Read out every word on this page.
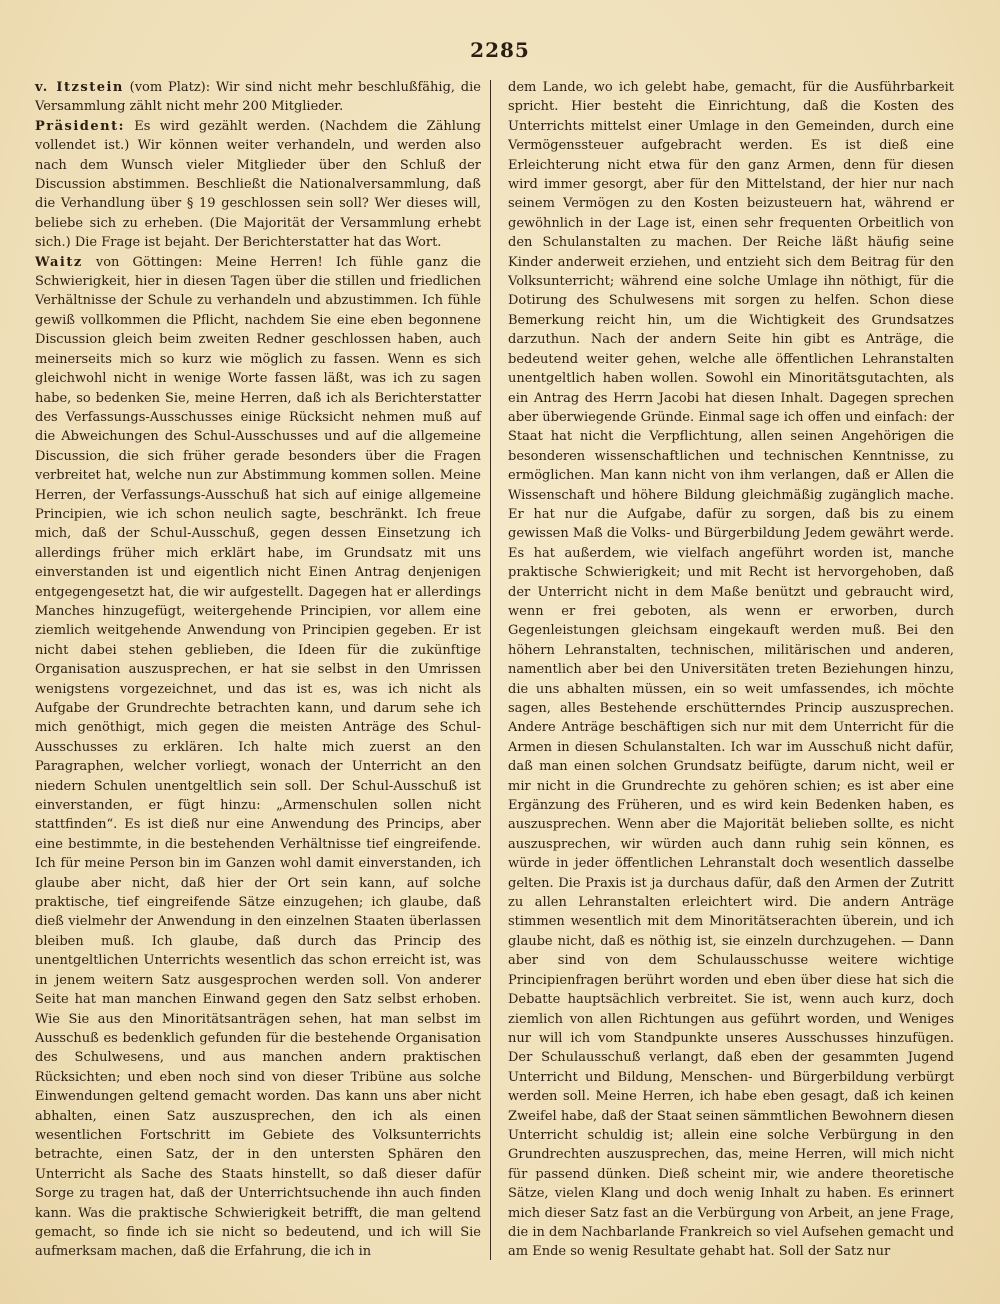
2285

v. Itzstein (vom Platz): Wir sind nicht mehr beschlußfähig, die Versammlung zählt nicht mehr 200 Mitglieder.

Präsident: Es wird gezählt werden. (Nachdem die Zählung vollendet ist.) Wir können weiter verhandeln, und werden also nach dem Wunsch vieler Mitglieder über den Schluß der Discussion abstimmen. Beschließt die Nationalversammlung, daß die Verhandlung über § 19 geschlossen sein soll? Wer dieses will, beliebe sich zu erheben. (Die Majorität der Versammlung erhebt sich.) Die Frage ist bejaht. Der Berichterstatter hat das Wort.

Waitz von Göttingen: Meine Herren! Ich fühle ganz die Schwierigkeit, hier in diesen Tagen über die stillen und friedlichen Verhältnisse der Schule zu verhandeln und abzustimmen. Ich fühle gewiß vollkommen die Pflicht, nachdem Sie eine eben begonnene Discussion gleich beim zweiten Redner geschlossen haben, auch meinerseits mich so kurz wie möglich zu fassen. Wenn es sich gleichwohl nicht in wenige Worte fassen läßt, was ich zu sagen habe, so bedenken Sie, meine Herren, daß ich als Berichterstatter des Verfassungs-Ausschusses einige Rücksicht nehmen muß auf die Abweichungen des Schul-Ausschusses und auf die allgemeine Discussion, die sich früher gerade besonders über die Fragen verbreitet hat, welche nun zur Abstimmung kommen sollen. Meine Herren, der Verfassungs-Ausschuß hat sich auf einige allgemeine Principien, wie ich schon neulich sagte, beschränkt. Ich freue mich, daß der Schul-Ausschuß, gegen dessen Einsetzung ich allerdings früher mich erklärt habe, im Grundsatz mit uns einverstanden ist und eigentlich nicht Einen Antrag denjenigen entgegengesetzt hat, die wir aufgestellt. Dagegen hat er allerdings Manches hinzugefügt, weitergehende Principien, vor allem eine ziemlich weitgehende Anwendung von Principien gegeben. Er ist nicht dabei stehen geblieben, die Ideen für die zukünftige Organisation auszusprechen, er hat sie selbst in den Umrissen wenigstens vorgezeichnet, und das ist es, was ich nicht als Aufgabe der Grundrechte betrachten kann, und darum sehe ich mich genöthigt, mich gegen die meisten Anträge des Schul-Ausschusses zu erklären. Ich halte mich zuerst an den Paragraphen, welcher vorliegt, wonach der Unterricht an den niedern Schulen unentgeltlich sein soll. Der Schul-Ausschuß ist einverstanden, er fügt hinzu: „Armenschulen sollen nicht stattfinden“. Es ist dieß nur eine Anwendung des Princips, aber eine bestimmte, in die bestehenden Verhältnisse tief eingreifende. Ich für meine Person bin im Ganzen wohl damit einverstanden, ich glaube aber nicht, daß hier der Ort sein kann, auf solche praktische, tief eingreifende Sätze einzugehen; ich glaube, daß dieß vielmehr der Anwendung in den einzelnen Staaten überlassen bleiben muß. Ich glaube, daß durch das Princip des unentgeltlichen Unterrichts wesentlich das schon erreicht ist, was in jenem weitern Satz ausgesprochen werden soll. Von anderer Seite hat man manchen Einwand gegen den Satz selbst erhoben. Wie Sie aus den Minoritätsanträgen sehen, hat man selbst im Ausschuß es bedenklich gefunden für die bestehende Organisation des Schulwesens, und aus manchen andern praktischen Rücksichten; und eben noch sind von dieser Tribüne aus solche Einwendungen geltend gemacht worden. Das kann uns aber nicht abhalten, einen Satz auszusprechen, den ich als einen wesentlichen Fortschritt im Gebiete des Volksunterrichts betrachte, einen Satz, der in den untersten Sphären den Unterricht als Sache des Staats hinstellt, so daß dieser dafür Sorge zu tragen hat, daß der Unterrichtsuchende ihn auch finden kann. Was die praktische Schwierigkeit betrifft, die man geltend gemacht, so finde ich sie nicht so bedeutend, und ich will Sie aufmerksam machen, daß die Erfahrung, die ich in

dem Lande, wo ich gelebt habe, gemacht, für die Ausführbarkeit spricht. Hier besteht die Einrichtung, daß die Kosten des Unterrichts mittelst einer Umlage in den Gemeinden, durch eine Vermögenssteuer aufgebracht werden. Es ist dieß eine Erleichterung nicht etwa für den ganz Armen, denn für diesen wird immer gesorgt, aber für den Mittelstand, der hier nur nach seinem Vermögen zu den Kosten beizusteuern hat, während er gewöhnlich in der Lage ist, einen sehr frequenten Orbeitlich von den Schulanstalten zu machen. Der Reiche läßt häufig seine Kinder anderweit erziehen, und entzieht sich dem Beitrag für den Volksunterricht; während eine solche Umlage ihn nöthigt, für die Dotirung des Schulwesens mit sorgen zu helfen. Schon diese Bemerkung reicht hin, um die Wichtigkeit des Grundsatzes darzuthun. Nach der andern Seite hin gibt es Anträge, die bedeutend weiter gehen, welche alle öffentlichen Lehranstalten unentgeltlich haben wollen. Sowohl ein Minoritätsgutachten, als ein Antrag des Herrn Jacobi hat diesen Inhalt. Dagegen sprechen aber überwiegende Gründe. Einmal sage ich offen und einfach: der Staat hat nicht die Verpflichtung, allen seinen Angehörigen die besonderen wissenschaftlichen und technischen Kenntnisse, zu ermöglichen. Man kann nicht von ihm verlangen, daß er Allen die Wissenschaft und höhere Bildung gleichmäßig zugänglich mache. Er hat nur die Aufgabe, dafür zu sorgen, daß bis zu einem gewissen Maß die Volks- und Bürgerbildung Jedem gewährt werde. Es hat außerdem, wie vielfach angeführt worden ist, manche praktische Schwierigkeit; und mit Recht ist hervorgehoben, daß der Unterricht nicht in dem Maße benützt und gebraucht wird, wenn er frei geboten, als wenn er erworben, durch Gegenleistungen gleichsam eingekauft werden muß. Bei den höhern Lehranstalten, technischen, militärischen und anderen, namentlich aber bei den Universitäten treten Beziehungen hinzu, die uns abhalten müssen, ein so weit umfassendes, ich möchte sagen, alles Bestehende erschütterndes Princip auszusprechen. Andere Anträge beschäftigen sich nur mit dem Unterricht für die Armen in diesen Schulanstalten. Ich war im Ausschuß nicht dafür, daß man einen solchen Grundsatz beifügte, darum nicht, weil er mir nicht in die Grundrechte zu gehören schien; es ist aber eine Ergänzung des Früheren, und es wird kein Bedenken haben, es auszusprechen. Wenn aber die Majorität belieben sollte, es nicht auszusprechen, wir würden auch dann ruhig sein können, es würde in jeder öffentlichen Lehranstalt doch wesentlich dasselbe gelten. Die Praxis ist ja durchaus dafür, daß den Armen der Zutritt zu allen Lehranstalten erleichtert wird. Die andern Anträge stimmen wesentlich mit dem Minoritätserachten überein, und ich glaube nicht, daß es nöthig ist, sie einzeln durchzugehen. — Dann aber sind von dem Schulausschusse weitere wichtige Principienfragen berührt worden und eben über diese hat sich die Debatte hauptsächlich verbreitet. Sie ist, wenn auch kurz, doch ziemlich von allen Richtungen aus geführt worden, und Weniges nur will ich vom Standpunkte unseres Ausschusses hinzufügen. Der Schulausschuß verlangt, daß eben der gesammten Jugend Unterricht und Bildung, Menschen- und Bürgerbildung verbürgt werden soll. Meine Herren, ich habe eben gesagt, daß ich keinen Zweifel habe, daß der Staat seinen sämmtlichen Bewohnern diesen Unterricht schuldig ist; allein eine solche Verbürgung in den Grundrechten auszusprechen, das, meine Herren, will mich nicht für passend dünken. Dieß scheint mir, wie andere theoretische Sätze, vielen Klang und doch wenig Inhalt zu haben. Es erinnert mich dieser Satz fast an die Verbürgung von Arbeit, an jene Frage, die in dem Nachbarlande Frankreich so viel Aufsehen gemacht und am Ende so wenig Resultate gehabt hat. Soll der Satz nur
